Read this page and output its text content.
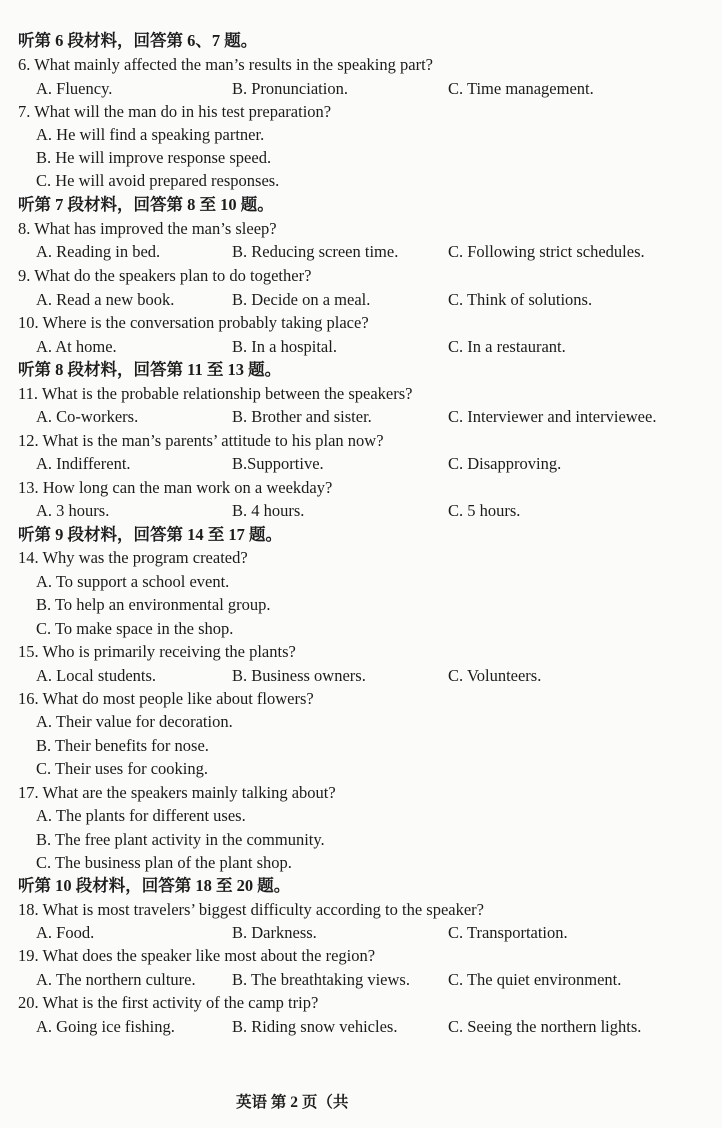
听第 6 段材料，回答第 6、7 题。
6. What mainly affected the man’s results in the speaking part?
A. Fluency.	B. Pronunciation.	C. Time management.
7. What will the man do in his test preparation?
A. He will find a speaking partner.
B. He will improve response speed.
C. He will avoid prepared responses.
听第 7 段材料，回答第 8 至 10 题。
8. What has improved the man’s sleep?
A. Reading in bed.	B. Reducing screen time.	C. Following strict schedules.
9. What do the speakers plan to do together?
A. Read a new book.	B. Decide on a meal.	C. Think of solutions.
10. Where is the conversation probably taking place?
A. At home.	B. In a hospital.	C. In a restaurant.
听第 8 段材料，回答第 11 至 13 题。
11. What is the probable relationship between the speakers?
A. Co-workers.	B. Brother and sister.	C. Interviewer and interviewee.
12. What is the man’s parents’ attitude to his plan now?
A. Indifferent.	B.Supportive.	C. Disapproving.
13. How long can the man work on a weekday?
A. 3 hours.	B. 4 hours.	C. 5 hours.
听第 9 段材料，回答第 14 至 17 题。
14. Why was the program created?
A. To support a school event.
B. To help an environmental group.
C. To make space in the shop.
15. Who is primarily receiving the plants?
A. Local students.	B. Business owners.	C. Volunteers.
16. What do most people like about flowers?
A. Their value for decoration.
B. Their benefits for nose.
C. Their uses for cooking.
17. What are the speakers mainly talking about?
A. The plants for different uses.
B. The free plant activity in the community.
C. The business plan of the plant shop.
听第 10 段材料，回答第 18 至 20 题。
18. What is most travelers’ biggest difficulty according to the speaker?
A. Food.	B. Darkness.	C. Transportation.
19. What does the speaker like most about the region?
A. The northern culture. B. The breathtaking views. C. The quiet environment.
20. What is the first activity of the camp trip?
A. Going ice fishing.	B. Riding snow vehicles.	C. Seeing the northern lights.
英语 第 2 页（共
